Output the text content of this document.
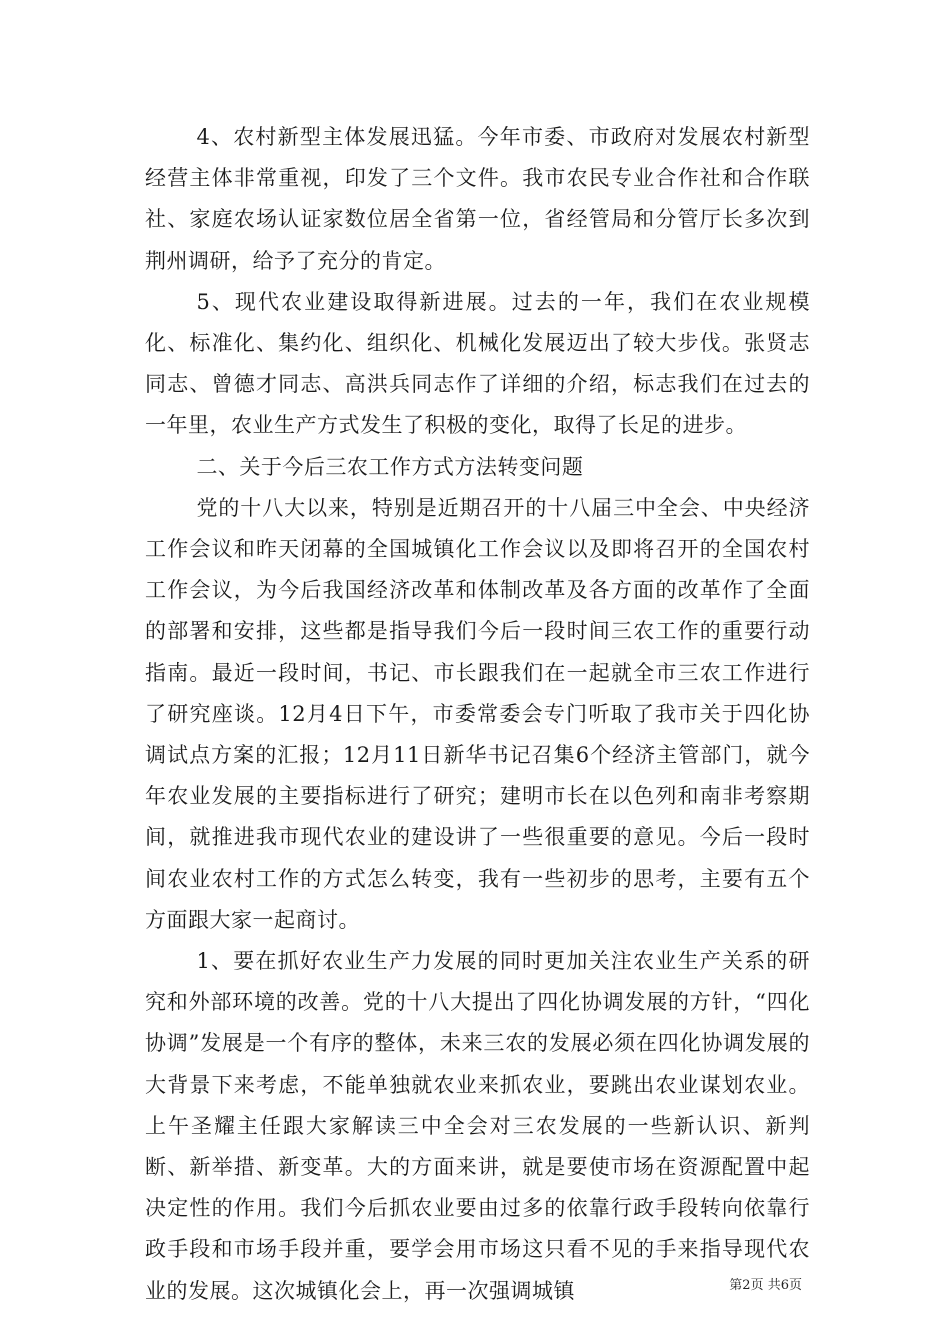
4、农村新型主体发展迅猛。今年市委、市政府对发展农村新型经营主体非常重视，印发了三个文件。我市农民专业合作社和合作联社、家庭农场认证家数位居全省第一位，省经管局和分管厅长多次到荆州调研，给予了充分的肯定。

5、现代农业建设取得新进展。过去的一年，我们在农业规模化、标准化、集约化、组织化、机械化发展迈出了较大步伐。张贤志同志、曾德才同志、高洪兵同志作了详细的介绍，标志我们在过去的一年里，农业生产方式发生了积极的变化，取得了长足的进步。

二、关于今后三农工作方式方法转变问题

党的十八大以来，特别是近期召开的十八届三中全会、中央经济工作会议和昨天闭幕的全国城镇化工作会议以及即将召开的全国农村工作会议，为今后我国经济改革和体制改革及各方面的改革作了全面的部署和安排，这些都是指导我们今后一段时间三农工作的重要行动指南。最近一段时间，书记、市长跟我们在一起就全市三农工作进行了研究座谈。12月4日下午，市委常委会专门听取了我市关于四化协调试点方案的汇报；12月11日新华书记召集6个经济主管部门，就今年农业发展的主要指标进行了研究；建明市长在以色列和南非考察期间，就推进我市现代农业的建设讲了一些很重要的意见。今后一段时间农业农村工作的方式怎么转变，我有一些初步的思考，主要有五个方面跟大家一起商讨。

1、要在抓好农业生产力发展的同时更加关注农业生产关系的研究和外部环境的改善。党的十八大提出了四化协调发展的方针，“四化协调”发展是一个有序的整体，未来三农的发展必须在四化协调发展的大背景下来考虑，不能单独就农业来抓农业，要跳出农业谋划农业。上午圣耀主任跟大家解读三中全会对三农发展的一些新认识、新判断、新举措、新变革。大的方面来讲，就是要使市场在资源配置中起决定性的作用。我们今后抓农业要由过多的依靠行政手段转向依靠行政手段和市场手段并重，要学会用市场这只看不见的手来指导现代农业的发展。这次城镇化会上，再一次强调城镇	第2页 共6页
